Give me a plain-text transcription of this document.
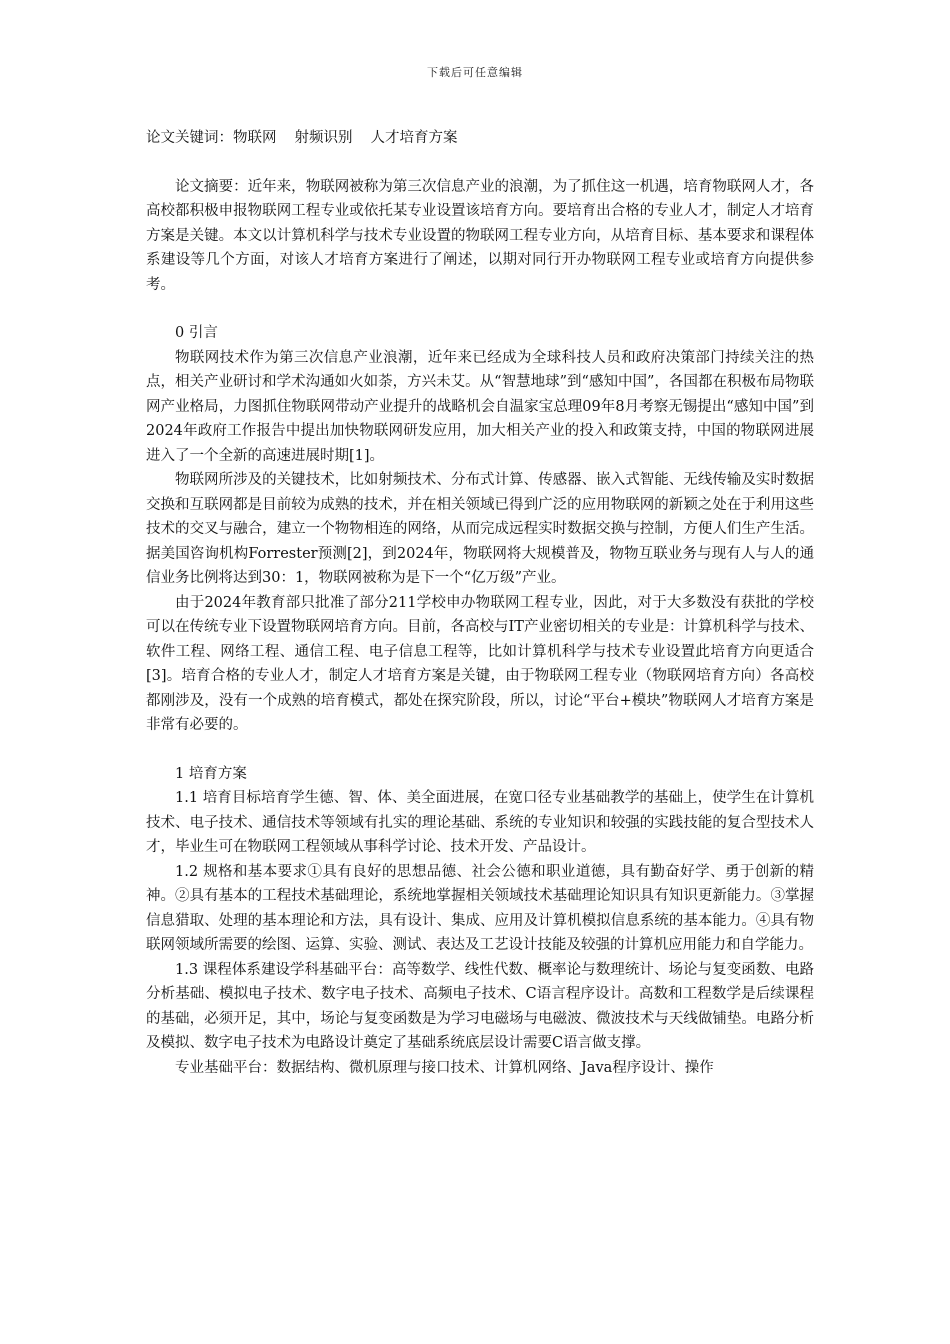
下载后可任意编辑

论文关键词：物联网 射频识别 人才培育方案

论文摘要：近年来，物联网被称为第三次信息产业的浪潮，为了抓住这一机遇，培育物联网人才，各高校都积极申报物联网工程专业或依托某专业设置该培育方向。要培育出合格的专业人才，制定人才培育方案是关键。本文以计算机科学与技术专业设置的物联网工程专业方向，从培育目标、基本要求和课程体系建设等几个方面，对该人才培育方案进行了阐述，以期对同行开办物联网工程专业或培育方向提供参考。

0 引言

物联网技术作为第三次信息产业浪潮，近年来已经成为全球科技人员和政府决策部门持续关注的热点，相关产业研讨和学术沟通如火如荼，方兴未艾。从“智慧地球”到“感知中国”，各国都在积极布局物联网产业格局，力图抓住物联网带动产业提升的战略机会自温家宝总理09年8月考察无锡提出“感知中国”到2024年政府工作报告中提出加快物联网研发应用，加大相关产业的投入和政策支持，中国的物联网进展进入了一个全新的高速进展时期[1]。

物联网所涉及的关键技术，比如射频技术、分布式计算、传感器、嵌入式智能、无线传输及实时数据交换和互联网都是目前较为成熟的技术，并在相关领域已得到广泛的应用物联网的新颖之处在于利用这些技术的交叉与融合，建立一个物物相连的网络，从而完成远程实时数据交换与控制，方便人们生产生活。据美国咨询机构Forrester预测[2]，到2024年，物联网将大规模普及，物物互联业务与现有人与人的通信业务比例将达到30：1，物联网被称为是下一个“亿万级”产业。

由于2024年教育部只批准了部分211学校申办物联网工程专业，因此，对于大多数没有获批的学校可以在传统专业下设置物联网培育方向。目前，各高校与IT产业密切相关的专业是：计算机科学与技术、软件工程、网络工程、通信工程、电子信息工程等，比如计算机科学与技术专业设置此培育方向更适合[3]。培育合格的专业人才，制定人才培育方案是关键，由于物联网工程专业（物联网培育方向）各高校都刚涉及，没有一个成熟的培育模式，都处在探究阶段，所以，讨论“平台+模块”物联网人才培育方案是非常有必要的。

1 培育方案

1.1 培育目标培育学生德、智、体、美全面进展，在宽口径专业基础教学的基础上，使学生在计算机技术、电子技术、通信技术等领域有扎实的理论基础、系统的专业知识和较强的实践技能的复合型技术人才，毕业生可在物联网工程领域从事科学讨论、技术开发、产品设计。

1.2 规格和基本要求①具有良好的思想品德、社会公德和职业道德，具有勤奋好学、勇于创新的精神。②具有基本的工程技术基础理论，系统地掌握相关领域技术基础理论知识具有知识更新能力。③掌握信息猎取、处理的基本理论和方法，具有设计、集成、应用及计算机模拟信息系统的基本能力。④具有物联网领域所需要的绘图、运算、实验、测试、表达及工艺设计技能及较强的计算机应用能力和自学能力。

1.3 课程体系建设学科基础平台：高等数学、线性代数、概率论与数理统计、场论与复变函数、电路分析基础、模拟电子技术、数字电子技术、高频电子技术、C语言程序设计。高数和工程数学是后续课程的基础，必须开足，其中，场论与复变函数是为学习电磁场与电磁波、微波技术与天线做铺垫。电路分析及模拟、数字电子技术为电路设计奠定了基础系统底层设计需要C语言做支撑。

专业基础平台：数据结构、微机原理与接口技术、计算机网络、Java程序设计、操作
